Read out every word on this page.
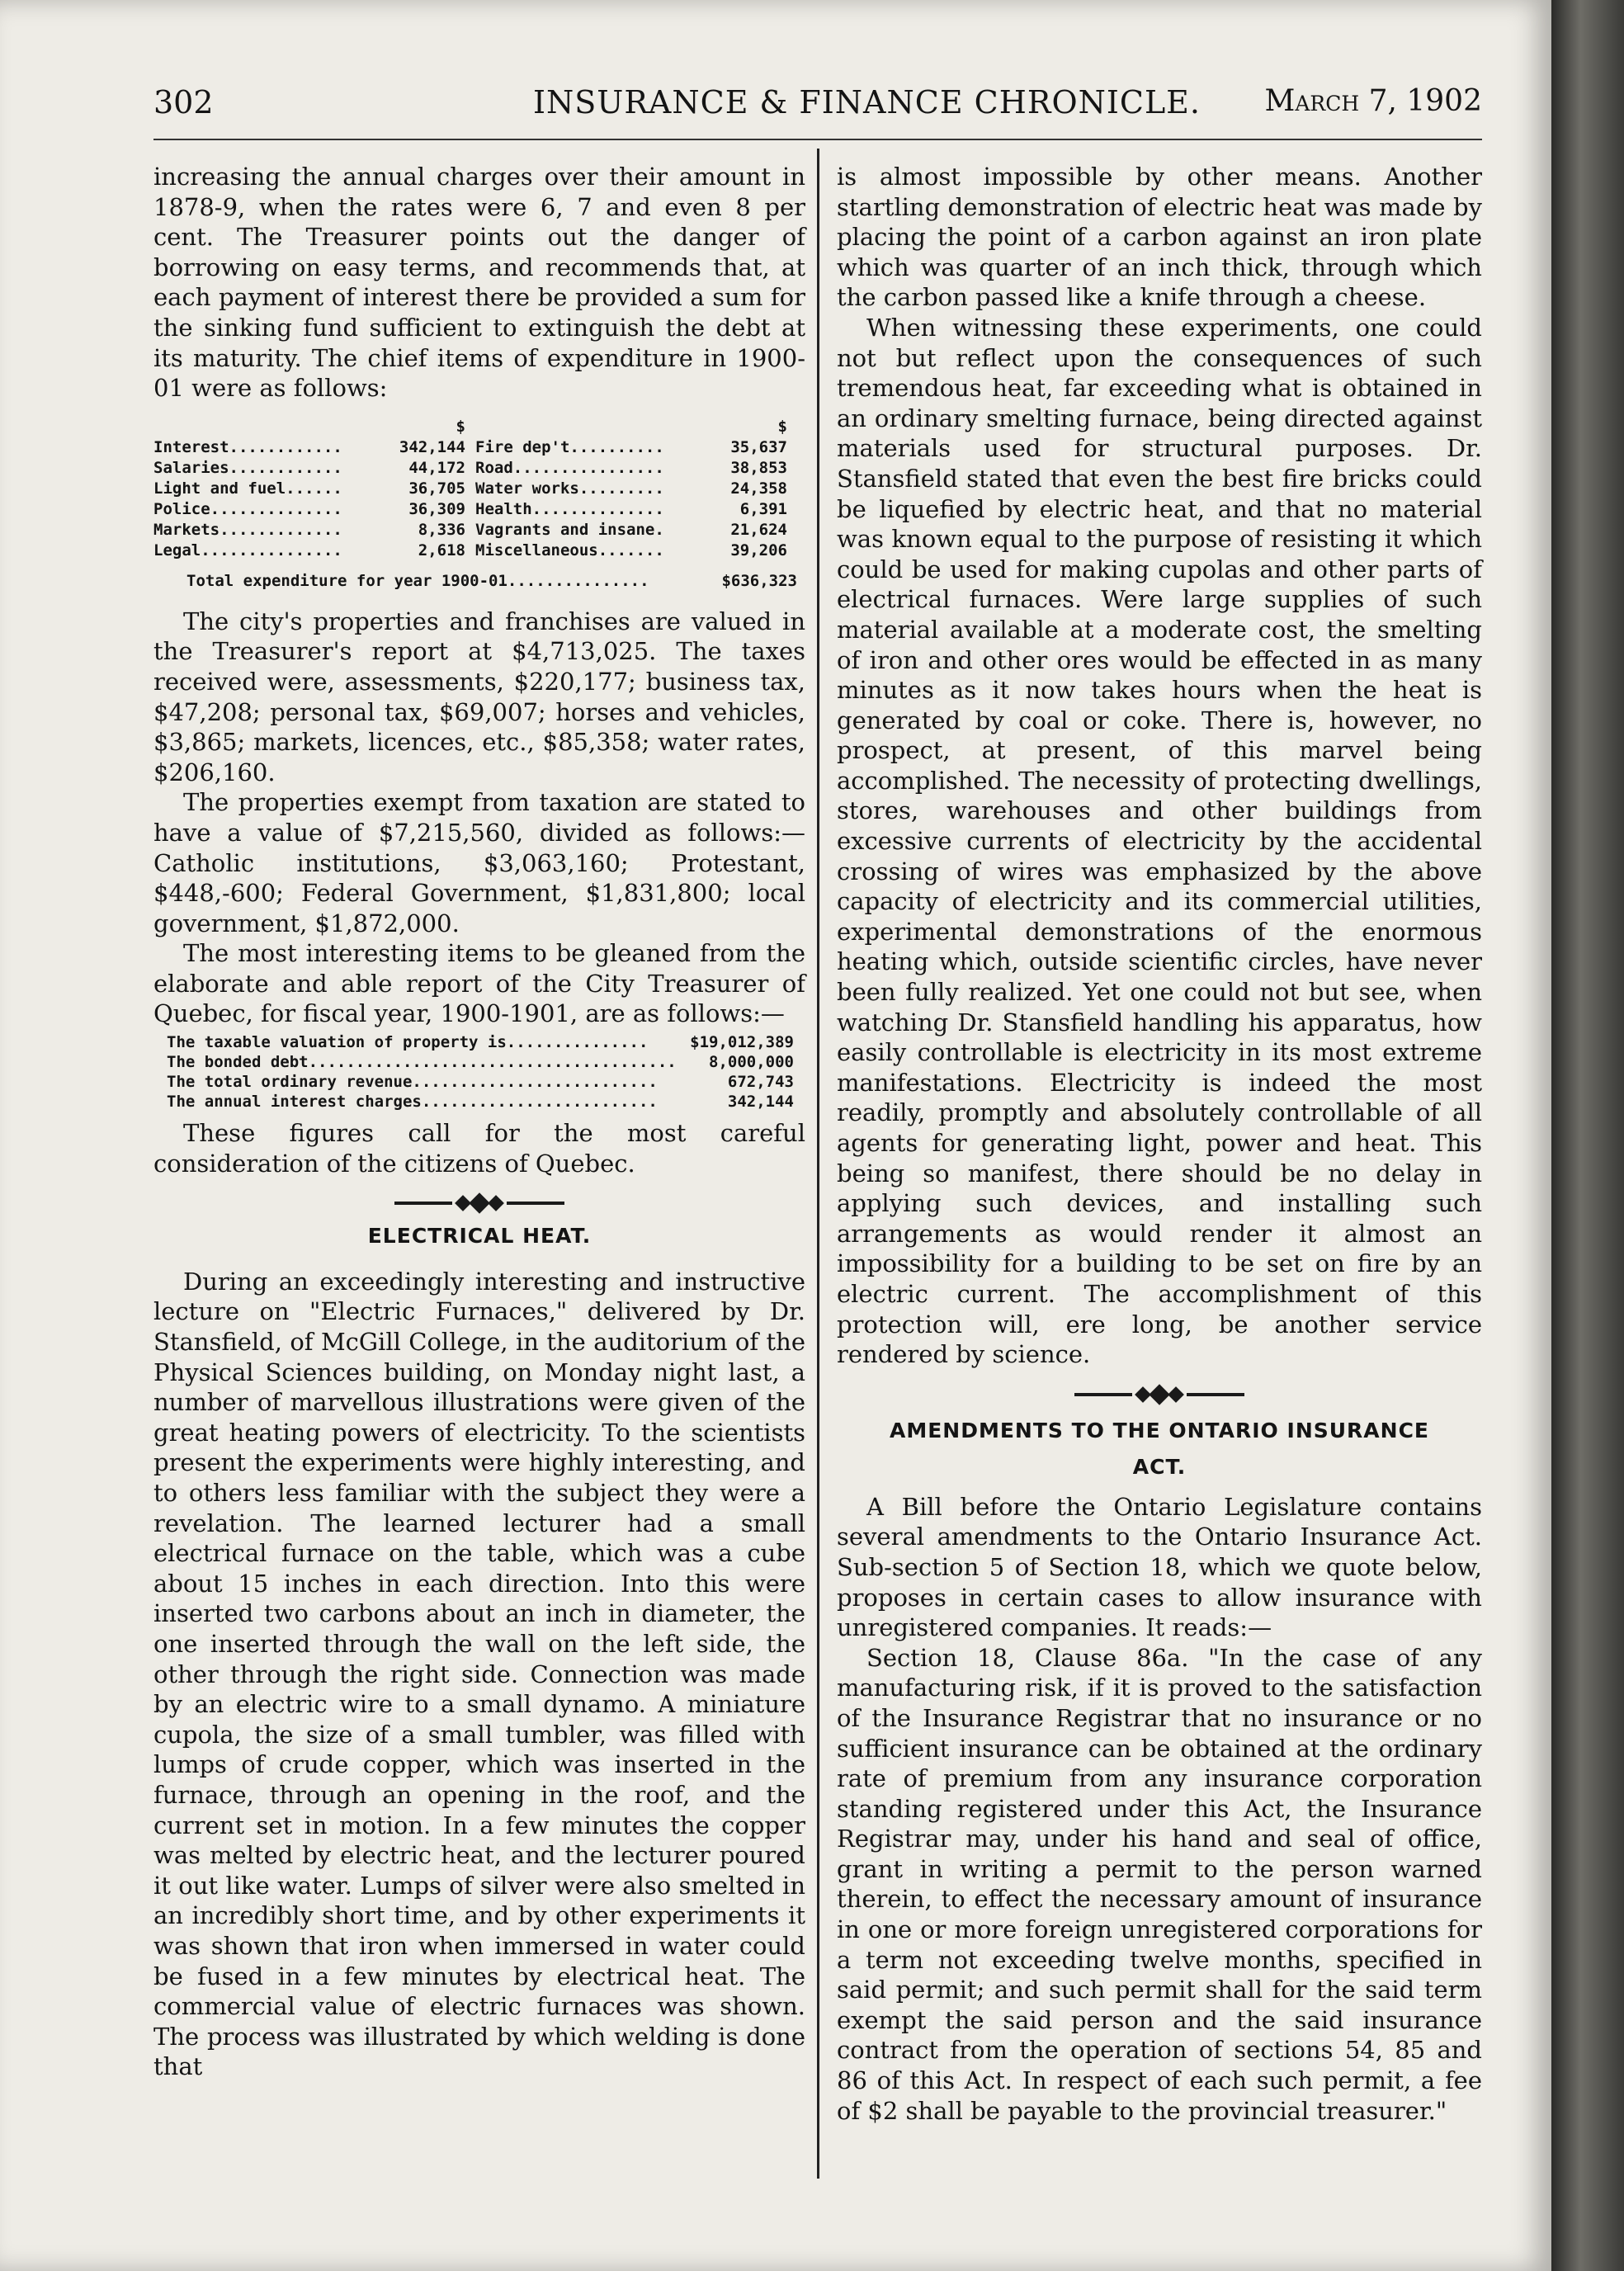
302	INSURANCE & FINANCE CHRONICLE. March 7, 1902

increasing the annual charges over their amount in 1878-9, when the rates were 6, 7 and even 8 per cent. The Treasurer points out the danger of borrowing on easy terms, and recommends that, at each payment of interest there be provided a sum for the sinking fund sufficient to extinguish the debt at its maturity. The chief items of expenditure in 1900-01 were as follows:

$	$
Interest............	342,144 Fire dep't..........	35,637
Salaries............	44,172 Road................	38,853
Light and fuel......	36,705 Water works.........	24,358
Police..............	36,309 Health..............	6,391
Markets.............	8,336 Vagrants and insane.	21,624
Legal...............	2,618 Miscellaneous.......	39,206
Total expenditure for year 1900-01...............	$636,323

The city's properties and franchises are valued in the Treasurer's report at $4,713,025. The taxes received were, assessments, $220,177; business tax, $47,208; personal tax, $69,007; horses and vehicles, $3,865; markets, licences, etc., $85,358; water rates, $206,160.

The properties exempt from taxation are stated to have a value of $7,215,560, divided as follows:—Catholic institutions, $3,063,160; Protestant, $448,-600; Federal Government, $1,831,800; local government, $1,872,000.

The most interesting items to be gleaned from the elaborate and able report of the City Treasurer of Quebec, for fiscal year, 1900-1901, are as follows:—

The taxable valuation of property is...............	$19,012,389
The bonded debt.......................................	8,000,000
The total ordinary revenue..........................	672,743
The annual interest charges.........................	342,144

These figures call for the most careful consideration of the citizens of Quebec.

ELECTRICAL HEAT.

During an exceedingly interesting and instructive lecture on "Electric Furnaces," delivered by Dr. Stansfield, of McGill College, in the auditorium of the Physical Sciences building, on Monday night last, a number of marvellous illustrations were given of the great heating powers of electricity. To the scientists present the experiments were highly interesting, and to others less familiar with the subject they were a revelation. The learned lecturer had a small electrical furnace on the table, which was a cube about 15 inches in each direction. Into this were inserted two carbons about an inch in diameter, the one inserted through the wall on the left side, the other through the right side. Connection was made by an electric wire to a small dynamo. A miniature cupola, the size of a small tumbler, was filled with lumps of crude copper, which was inserted in the furnace, through an opening in the roof, and the current set in motion. In a few minutes the copper was melted by electric heat, and the lecturer poured it out like water. Lumps of silver were also smelted in an incredibly short time, and by other experiments it was shown that iron when immersed in water could be fused in a few minutes by electrical heat. The commercial value of electric furnaces was shown. The process was illustrated by which welding is done that

is almost impossible by other means. Another startling demonstration of electric heat was made by placing the point of a carbon against an iron plate which was quarter of an inch thick, through which the carbon passed like a knife through a cheese.

When witnessing these experiments, one could not but reflect upon the consequences of such tremendous heat, far exceeding what is obtained in an ordinary smelting furnace, being directed against materials used for structural purposes. Dr. Stansfield stated that even the best fire bricks could be liquefied by electric heat, and that no material was known equal to the purpose of resisting it which could be used for making cupolas and other parts of electrical furnaces. Were large supplies of such material available at a moderate cost, the smelting of iron and other ores would be effected in as many minutes as it now takes hours when the heat is generated by coal or coke. There is, however, no prospect, at present, of this marvel being accomplished. The necessity of protecting dwellings, stores, warehouses and other buildings from excessive currents of electricity by the accidental crossing of wires was emphasized by the above capacity of electricity and its commercial utilities, experimental demonstrations of the enormous heating which, outside scientific circles, have never been fully realized. Yet one could not but see, when watching Dr. Stansfield handling his apparatus, how easily controllable is electricity in its most extreme manifestations. Electricity is indeed the most readily, promptly and absolutely controllable of all agents for generating light, power and heat. This being so manifest, there should be no delay in applying such devices, and installing such arrangements as would render it almost an impossibility for a building to be set on fire by an electric current. The accomplishment of this protection will, ere long, be another service rendered by science.

AMENDMENTS TO THE ONTARIO INSURANCE
ACT.

A Bill before the Ontario Legislature contains several amendments to the Ontario Insurance Act. Sub-section 5 of Section 18, which we quote below, proposes in certain cases to allow insurance with unregistered companies. It reads:—

Section 18, Clause 86a. "In the case of any manufacturing risk, if it is proved to the satisfaction of the Insurance Registrar that no insurance or no sufficient insurance can be obtained at the ordinary rate of premium from any insurance corporation standing registered under this Act, the Insurance Registrar may, under his hand and seal of office, grant in writing a permit to the person warned therein, to effect the necessary amount of insurance in one or more foreign unregistered corporations for a term not exceeding twelve months, specified in said permit; and such permit shall for the said term exempt the said person and the said insurance contract from the operation of sections 54, 85 and 86 of this Act. In respect of each such permit, a fee of $2 shall be payable to the provincial treasurer."
